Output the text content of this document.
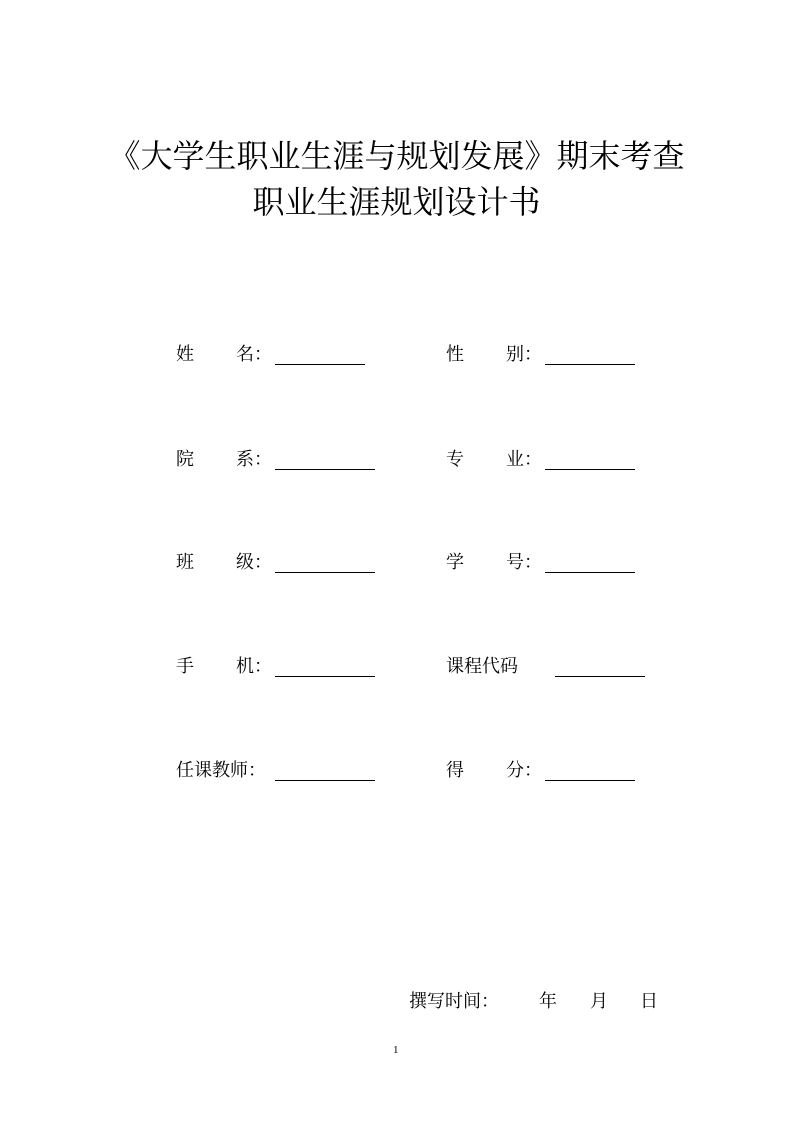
《大学生职业生涯与规划发展》期末考查
职业生涯规划设计书
姓 名：	性 别：
院 系：	专 业：
班 级：	学 号：
手 机：	课程代码
任课教师：	得 分：
撰写时间： 年 月 日
1
